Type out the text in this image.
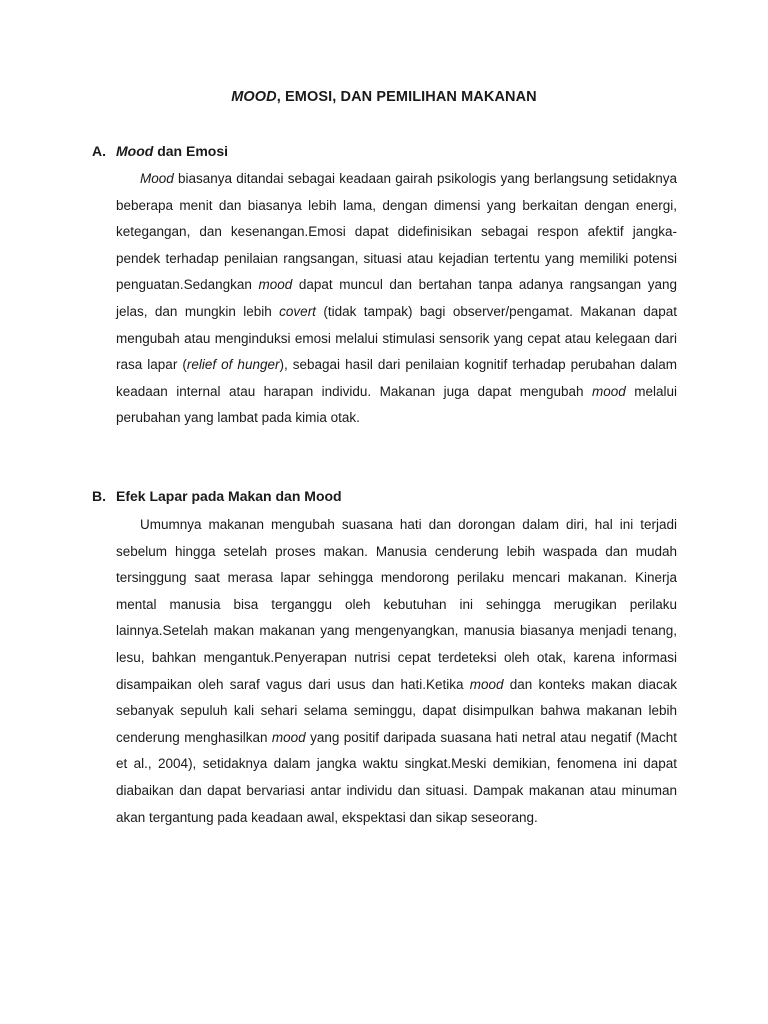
MOOD, EMOSI, DAN PEMILIHAN MAKANAN
A. Mood dan Emosi

Mood biasanya ditandai sebagai keadaan gairah psikologis yang berlangsung setidaknya beberapa menit dan biasanya lebih lama, dengan dimensi yang berkaitan dengan energi, ketegangan, dan kesenangan.Emosi dapat didefinisikan sebagai respon afektif jangka-pendek terhadap penilaian rangsangan, situasi atau kejadian tertentu yang memiliki potensi penguatan.Sedangkan mood dapat muncul dan bertahan tanpa adanya rangsangan yang jelas, dan mungkin lebih covert (tidak tampak) bagi observer/pengamat. Makanan dapat mengubah atau menginduksi emosi melalui stimulasi sensorik yang cepat atau kelegaan dari rasa lapar (relief of hunger), sebagai hasil dari penilaian kognitif terhadap perubahan dalam keadaan internal atau harapan individu. Makanan juga dapat mengubah mood melalui perubahan yang lambat pada kimia otak.

B. Efek Lapar pada Makan dan Mood

Umumnya makanan mengubah suasana hati dan dorongan dalam diri, hal ini terjadi sebelum hingga setelah proses makan. Manusia cenderung lebih waspada dan mudah tersinggung saat merasa lapar sehingga mendorong perilaku mencari makanan. Kinerja mental manusia bisa terganggu oleh kebutuhan ini sehingga merugikan perilaku lainnya.Setelah makan makanan yang mengenyangkan, manusia biasanya menjadi tenang, lesu, bahkan mengantuk.Penyerapan nutrisi cepat terdeteksi oleh otak, karena informasi disampaikan oleh saraf vagus dari usus dan hati.Ketika mood dan konteks makan diacak sebanyak sepuluh kali sehari selama seminggu, dapat disimpulkan bahwa makanan lebih cenderung menghasilkan mood yang positif daripada suasana hati netral atau negatif (Macht et al., 2004), setidaknya dalam jangka waktu singkat.Meski demikian, fenomena ini dapat diabaikan dan dapat bervariasi antar individu dan situasi. Dampak makanan atau minuman akan tergantung pada keadaan awal, ekspektasi dan sikap seseorang.
